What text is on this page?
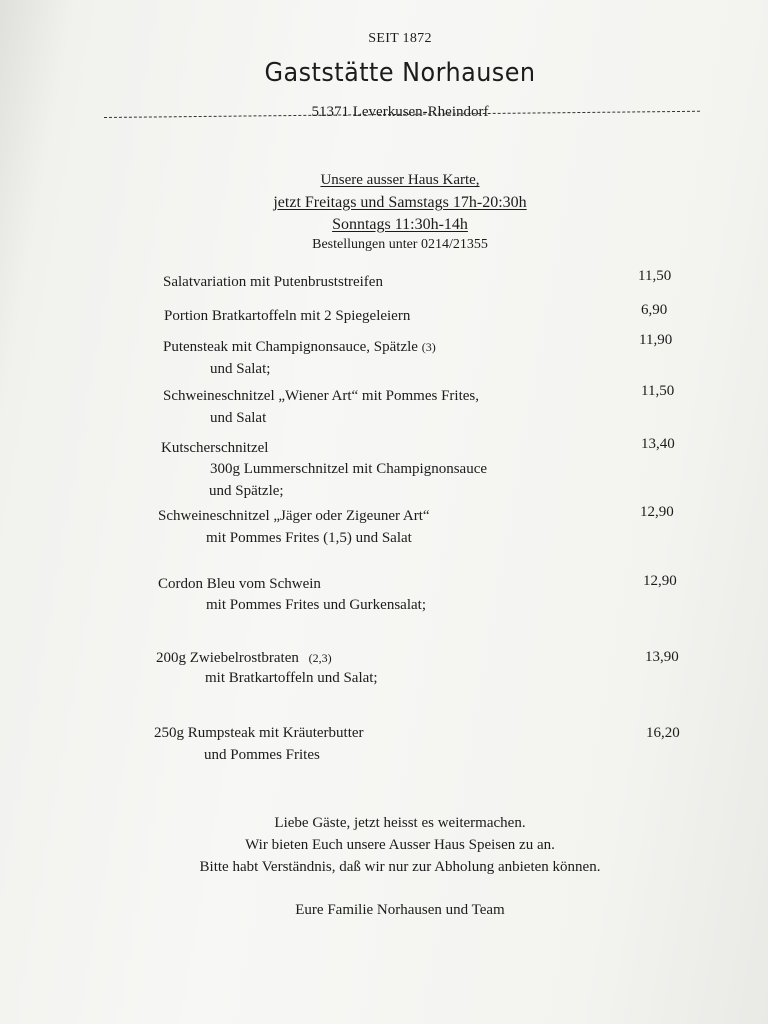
SEIT 1872
Gaststätte Norhausen
51371 Leverkusen-Rheindorf
Unsere ausser Haus Karte,
jetzt Freitags und Samstags 17h-20:30h
Sonntags 11:30h-14h
Bestellungen unter 0214/21355
Salatvariation mit Putenbruststreifen	11,50
Portion Bratkartoffeln mit 2 Spiegeleiern	6,90
Putensteak mit Champignonsauce, Spätzle (3)
und Salat;
11,90
Schweineschnitzel „Wiener Art“ mit Pommes Frites,
und Salat
11,50
Kutscherschnitzel
300g Lummerschnitzel mit Champignonsauce
und Spätzle;
13,40
Schweineschnitzel „Jäger oder Zigeuner Art“
mit Pommes Frites (1,5) und Salat
12,90
Cordon Bleu vom Schwein
mit Pommes Frites und Gurkensalat;
12,90
200g Zwiebelrostbraten (2,3)
mit Bratkartoffeln und Salat;
13,90
250g Rumpsteak mit Kräuterbutter
und Pommes Frites
16,20
Liebe Gäste, jetzt heisst es weitermachen.
Wir bieten Euch unsere Ausser Haus Speisen zu an.
Bitte habt Verständnis, daß wir nur zur Abholung anbieten können.
Eure Familie Norhausen und Team
